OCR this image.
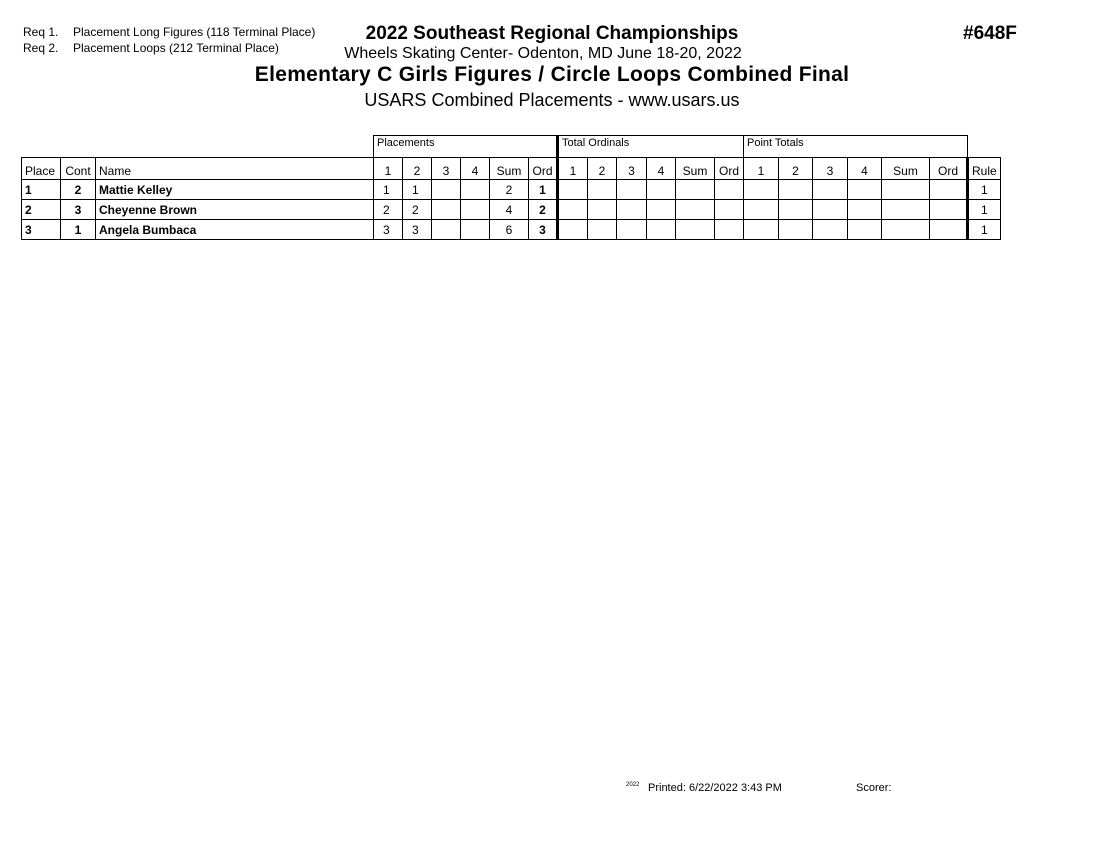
Req 1. Placement Long Figures (118 Terminal Place)
Req 2. Placement Loops (212 Terminal Place)
2022 Southeast Regional Championships
Wheels Skating Center- Odenton, MD June 18-20, 2022
Elementary C Girls Figures / Circle Loops Combined Final
USARS Combined Placements - www.usars.us
#648F
			Placements						Total Ordinals						Point Totals						
Place	Cont	Name	1	2	3	4	Sum	Ord	1	2	3	4	Sum	Ord	1	2	3	4	Sum	Ord	Rule
1	2	Mattie Kelley	1	1			2	1													1
2	3	Cheyenne Brown	2	2			4	2													1
3	1	Angela Bumbaca	3	3			6	3													1
2022 Printed: 6/22/2022 3:43 PM	Scorer:
